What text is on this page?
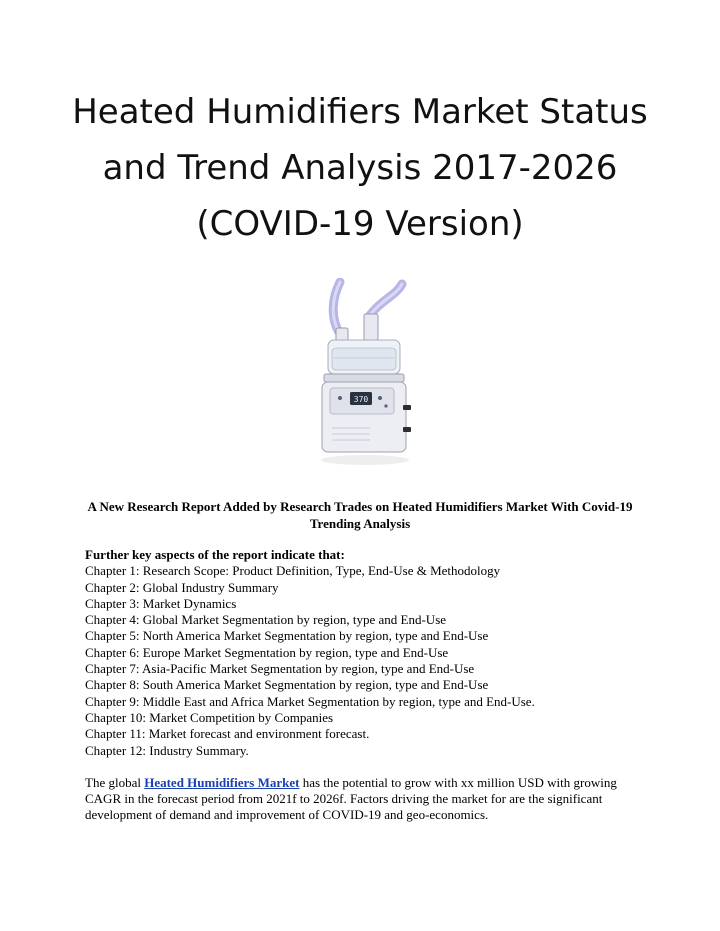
Heated Humidifiers Market Status and Trend Analysis 2017-2026 (COVID-19 Version)
370

A New Research Report Added by Research Trades on Heated Humidifiers Market With Covid-19 Trending Analysis

Further key aspects of the report indicate that:
Chapter 1: Research Scope: Product Definition, Type, End-Use & Methodology
Chapter 2: Global Industry Summary
Chapter 3: Market Dynamics
Chapter 4: Global Market Segmentation by region, type and End-Use
Chapter 5: North America Market Segmentation by region, type and End-Use
Chapter 6: Europe Market Segmentation by region, type and End-Use
Chapter 7: Asia-Pacific Market Segmentation by region, type and End-Use
Chapter 8: South America Market Segmentation by region, type and End-Use
Chapter 9: Middle East and Africa Market Segmentation by region, type and End-Use.
Chapter 10: Market Competition by Companies
Chapter 11: Market forecast and environment forecast.
Chapter 12: Industry Summary.

The global Heated Humidifiers Market has the potential to grow with xx million USD with growing CAGR in the forecast period from 2021f to 2026f. Factors driving the market for are the significant development of demand and improvement of COVID-19 and geo-economics.
